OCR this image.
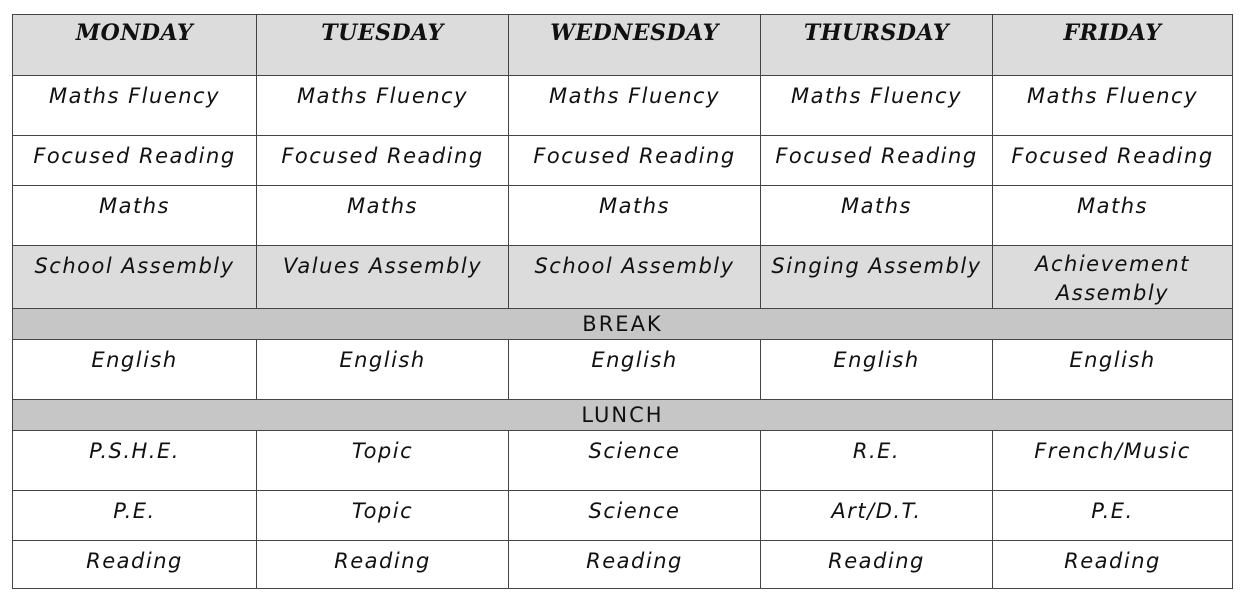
MONDAY	TUESDAY	WEDNESDAY	THURSDAY	FRIDAY
Maths Fluency	Maths Fluency	Maths Fluency	Maths Fluency	Maths Fluency
Focused Reading	Focused Reading	Focused Reading	Focused Reading	Focused Reading
Maths	Maths	Maths	Maths	Maths
School Assembly	Values Assembly	School Assembly	Singing Assembly	Achievement Assembly
BREAK				
English	English	English	English	English
LUNCH				
P.S.H.E.	Topic	Science	R.E.	French/Music
P.E.	Topic	Science	Art/D.T.	P.E.
Reading	Reading	Reading	Reading	Reading
